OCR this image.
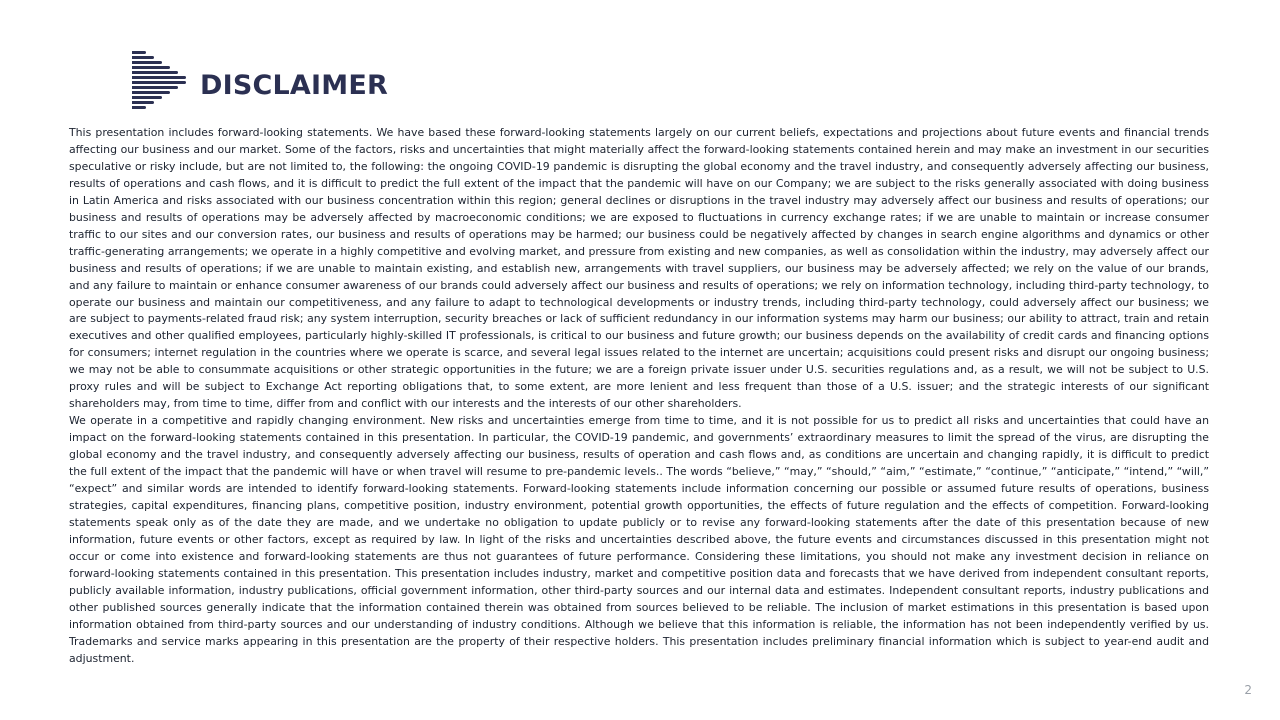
DISCLAIMER

This presentation includes forward-looking statements. We have based these forward-looking statements largely on our current beliefs, expectations and projections about future events and financial trends affecting our business and our market. Some of the factors, risks and uncertainties that might materially affect the forward-looking statements contained herein and may make an investment in our securities speculative or risky include, but are not limited to, the following: the ongoing COVID-19 pandemic is disrupting the global economy and the travel industry, and consequently adversely affecting our business, results of operations and cash flows, and it is difficult to predict the full extent of the impact that the pandemic will have on our Company; we are subject to the risks generally associated with doing business in Latin America and risks associated with our business concentration within this region; general declines or disruptions in the travel industry may adversely affect our business and results of operations; our business and results of operations may be adversely affected by macroeconomic conditions; we are exposed to fluctuations in currency exchange rates; if we are unable to maintain or increase consumer traffic to our sites and our conversion rates, our business and results of operations may be harmed; our business could be negatively affected by changes in search engine algorithms and dynamics or other traffic-generating arrangements; we operate in a highly competitive and evolving market, and pressure from existing and new companies, as well as consolidation within the industry, may adversely affect our business and results of operations; if we are unable to maintain existing, and establish new, arrangements with travel suppliers, our business may be adversely affected; we rely on the value of our brands, and any failure to maintain or enhance consumer awareness of our brands could adversely affect our business and results of operations; we rely on information technology, including third-party technology, to operate our business and maintain our competitiveness, and any failure to adapt to technological developments or industry trends, including third-party technology, could adversely affect our business; we are subject to payments-related fraud risk; any system interruption, security breaches or lack of sufficient redundancy in our information systems may harm our business; our ability to attract, train and retain executives and other qualified employees, particularly highly-skilled IT professionals, is critical to our business and future growth; our business depends on the availability of credit cards and financing options for consumers; internet regulation in the countries where we operate is scarce, and several legal issues related to the internet are uncertain; acquisitions could present risks and disrupt our ongoing business; we may not be able to consummate acquisitions or other strategic opportunities in the future; we are a foreign private issuer under U.S. securities regulations and, as a result, we will not be subject to U.S. proxy rules and will be subject to Exchange Act reporting obligations that, to some extent, are more lenient and less frequent than those of a U.S. issuer; and the strategic interests of our significant shareholders may, from time to time, differ from and conflict with our interests and the interests of our other shareholders.

We operate in a competitive and rapidly changing environment. New risks and uncertainties emerge from time to time, and it is not possible for us to predict all risks and uncertainties that could have an impact on the forward-looking statements contained in this presentation. In particular, the COVID-19 pandemic, and governments’ extraordinary measures to limit the spread of the virus, are disrupting the global economy and the travel industry, and consequently adversely affecting our business, results of operation and cash flows and, as conditions are uncertain and changing rapidly, it is difficult to predict the full extent of the impact that the pandemic will have or when travel will resume to pre-pandemic levels.. The words “believe,” “may,” “should,” “aim,” “estimate,” “continue,” “anticipate,” “intend,” “will,” “expect” and similar words are intended to identify forward-looking statements. Forward-looking statements include information concerning our possible or assumed future results of operations, business strategies, capital expenditures, financing plans, competitive position, industry environment, potential growth opportunities, the effects of future regulation and the effects of competition. Forward-looking statements speak only as of the date they are made, and we undertake no obligation to update publicly or to revise any forward-looking statements after the date of this presentation because of new information, future events or other factors, except as required by law. In light of the risks and uncertainties described above, the future events and circumstances discussed in this presentation might not occur or come into existence and forward-looking statements are thus not guarantees of future performance. Considering these limitations, you should not make any investment decision in reliance on forward-looking statements contained in this presentation. This presentation includes industry, market and competitive position data and forecasts that we have derived from independent consultant reports, publicly available information, industry publications, official government information, other third-party sources and our internal data and estimates. Independent consultant reports, industry publications and other published sources generally indicate that the information contained therein was obtained from sources believed to be reliable. The inclusion of market estimations in this presentation is based upon information obtained from third-party sources and our understanding of industry conditions. Although we believe that this information is reliable, the information has not been independently verified by us. Trademarks and service marks appearing in this presentation are the property of their respective holders. This presentation includes preliminary financial information which is subject to year-end audit and adjustment.

2
